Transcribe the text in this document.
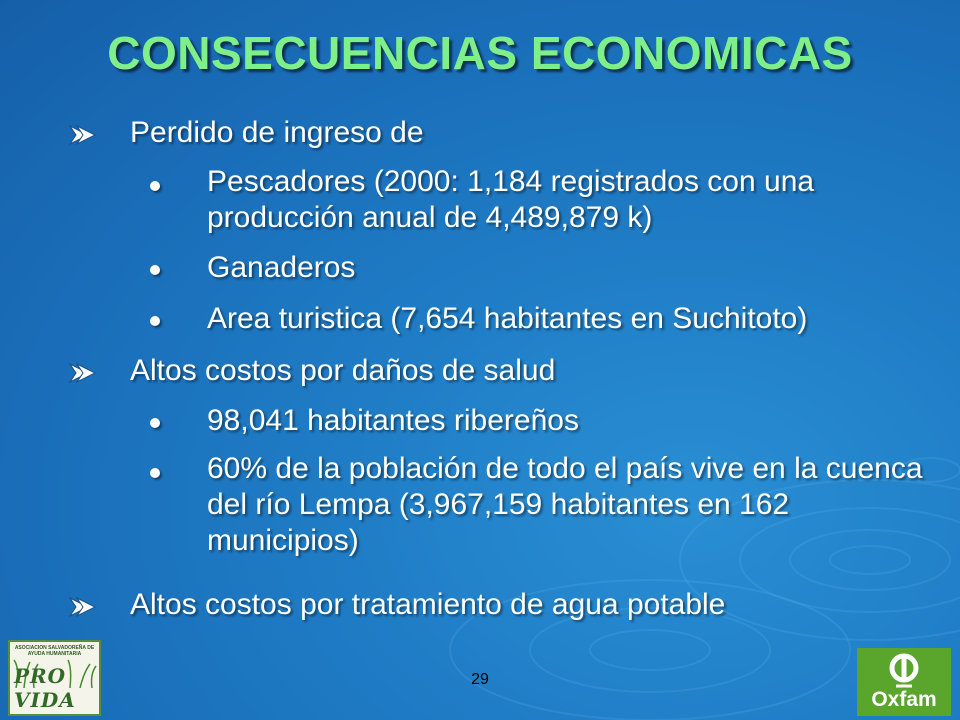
CONSECUENCIAS ECONOMICAS
Perdido de ingreso de
Pescadores (2000: 1,184 registrados con una producción anual de 4,489,879 k)
Ganaderos
Area turistica (7,654 habitantes en Suchitoto)
Altos costos por daños de salud
98,041 habitantes ribereños
60% de la población de todo el país vive en la cuenca del río Lempa (3,967,159 habitantes en 162 municipios)
Altos costos por tratamiento de agua potable
29
ASOCIACION SALVADOREÑA DE AYUDA HUMANITARIA
PRO VIDA	Oxfam
